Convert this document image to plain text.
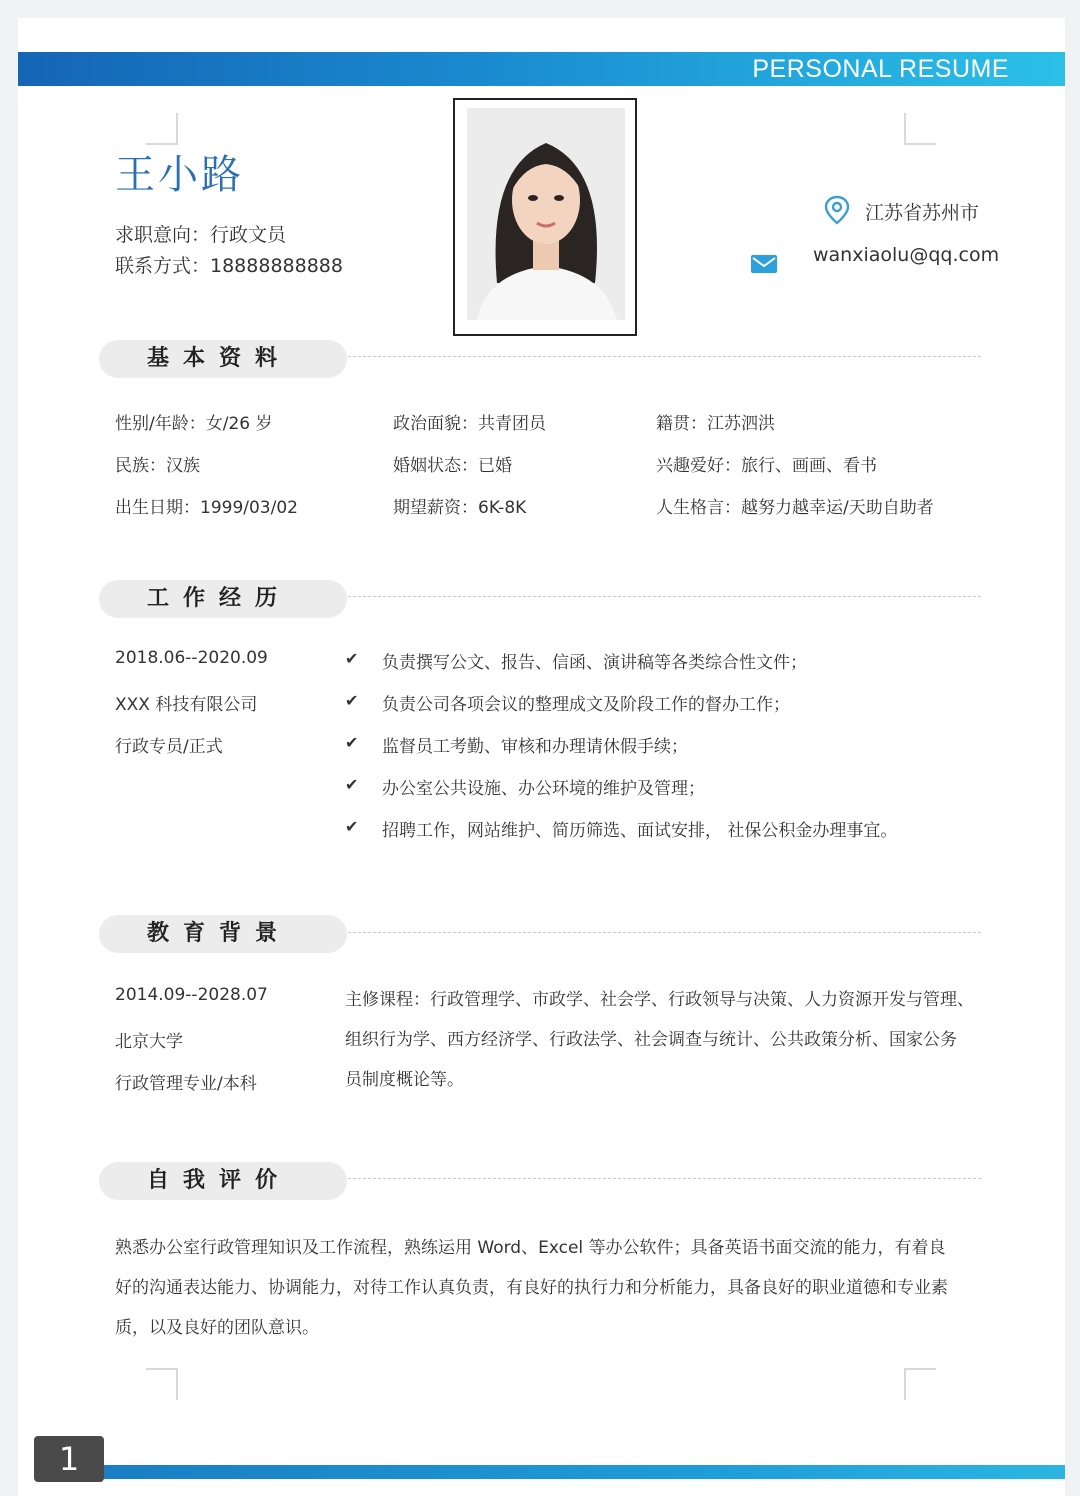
PERSONAL RESUME
王小路
求职意向：行政文员
联系方式：18888888888
江苏省苏州市
wanxiaolu@qq.com
基本资料
性别/年龄：女/26 岁	政治面貌：共青团员	籍贯：江苏泗洪
民族：汉族	婚姻状态：已婚	兴趣爱好：旅行、画画、看书
出生日期：1999/03/02	期望薪资：6K-8K	人生格言：越努力越幸运/天助自助者
工作经历
2018.06--2020.09
XXX 科技有限公司
行政专员/正式
✔ 负责撰写公文、报告、信函、演讲稿等各类综合性文件；
✔ 负责公司各项会议的整理成文及阶段工作的督办工作；
✔ 监督员工考勤、审核和办理请休假手续；
✔ 办公室公共设施、办公环境的维护及管理；
✔ 招聘工作，网站维护、简历筛选、面试安排， 社保公积金办理事宜。
教育背景
2014.09--2028.07
北京大学
行政管理专业/本科
主修课程：行政管理学、市政学、社会学、行政领导与决策、人力资源开发与管理、
组织行为学、西方经济学、行政法学、社会调查与统计、公共政策分析、国家公务
员制度概论等。
自我评价
熟悉办公室行政管理知识及工作流程，熟练运用 Word、Excel 等办公软件；具备英语书面交流的能力，有着良
好的沟通表达能力、协调能力，对待工作认真负责，有良好的执行力和分析能力，具备良好的职业道德和专业素
质，以及良好的团队意识。
1
